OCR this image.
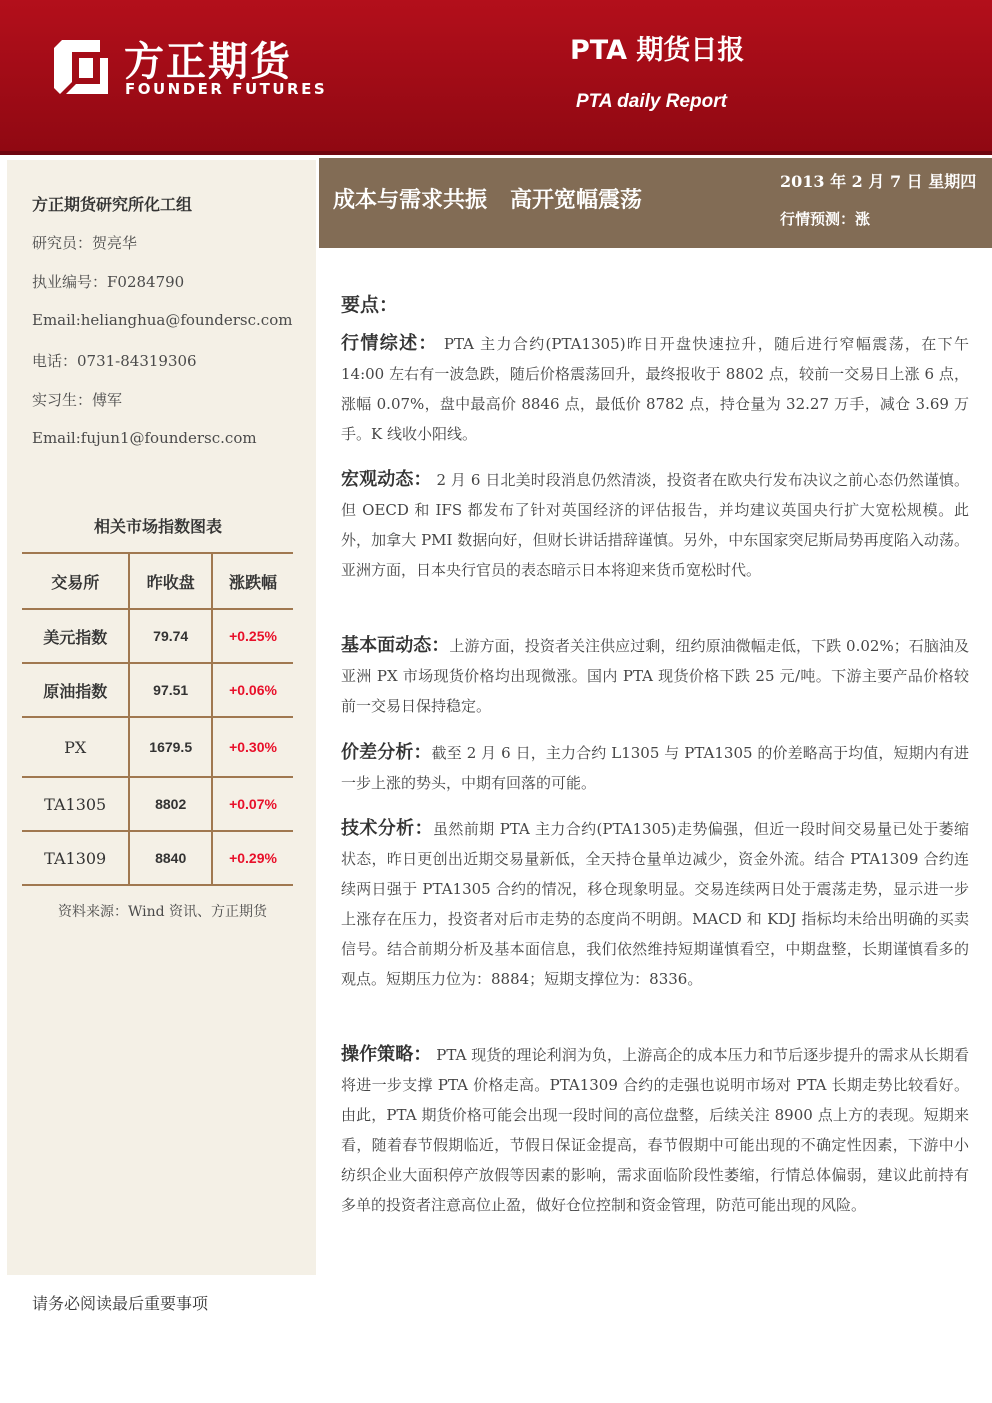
方正期货
FOUNDER FUTURES
PTA 期货日报
PTA daily Report
方正期货研究所化工组
研究员：贺亮华
执业编号：F0284790
Email:helianghua@foundersc.com
电话：0731-84319306
实习生：傅军
Email:fujun1@foundersc.com
相关市场指数图表
交易所	昨收盘	涨跌幅
美元指数	79.74	+0.25%
原油指数	97.51	+0.06%
PX	1679.5	+0.30%
TA1305	8802	+0.07%
TA1309	8840	+0.29%
资料来源：Wind 资讯、方正期货
成本与需求共振   高开宽幅震荡
2013 年 2 月 7 日 星期四
行情预测：涨
要点：

行情综述： PTA 主力合约(PTA1305)昨日开盘快速拉升，随后进行窄幅震荡，在下午 14:00 左右有一波急跌，随后价格震荡回升，最终报收于 8802 点，较前一交易日上涨 6 点，涨幅 0.07%，盘中最高价 8846 点，最低价 8782 点，持仓量为 32.27 万手，减仓 3.69 万手。K 线收小阳线。

宏观动态： 2 月 6 日北美时段消息仍然清淡，投资者在欧央行发布决议之前心态仍然谨慎。但 OECD 和 IFS 都发布了针对英国经济的评估报告，并均建议英国央行扩大宽松规模。此外，加拿大 PMI 数据向好，但财长讲话措辞谨慎。另外，中东国家突尼斯局势再度陷入动荡。亚洲方面，日本央行官员的表态暗示日本将迎来货币宽松时代。

基本面动态：上游方面，投资者关注供应过剩，纽约原油微幅走低，下跌 0.02%；石脑油及亚洲 PX 市场现货价格均出现微涨。国内 PTA 现货价格下跌 25 元/吨。下游主要产品价格较前一交易日保持稳定。

价差分析：截至 2 月 6 日，主力合约 L1305 与 PTA1305 的价差略高于均值，短期内有进一步上涨的势头，中期有回落的可能。

技术分析：虽然前期 PTA 主力合约(PTA1305)走势偏强，但近一段时间交易量已处于萎缩状态，昨日更创出近期交易量新低，全天持仓量单边减少，资金外流。结合 PTA1309 合约连续两日强于 PTA1305 合约的情况，移仓现象明显。交易连续两日处于震荡走势，显示进一步上涨存在压力，投资者对后市走势的态度尚不明朗。MACD 和 KDJ 指标均未给出明确的买卖信号。结合前期分析及基本面信息，我们依然维持短期谨慎看空，中期盘整，长期谨慎看多的观点。短期压力位为：8884；短期支撑位为：8336。

操作策略： PTA 现货的理论利润为负，上游高企的成本压力和节后逐步提升的需求从长期看将进一步支撑 PTA 价格走高。PTA1309 合约的走强也说明市场对 PTA 长期走势比较看好。由此，PTA 期货价格可能会出现一段时间的高位盘整，后续关注 8900 点上方的表现。短期来看，随着春节假期临近，节假日保证金提高，春节假期中可能出现的不确定性因素，下游中小纺织企业大面积停产放假等因素的影响，需求面临阶段性萎缩，行情总体偏弱，建议此前持有多单的投资者注意高位止盈，做好仓位控制和资金管理，防范可能出现的风险。

请务必阅读最后重要事项
